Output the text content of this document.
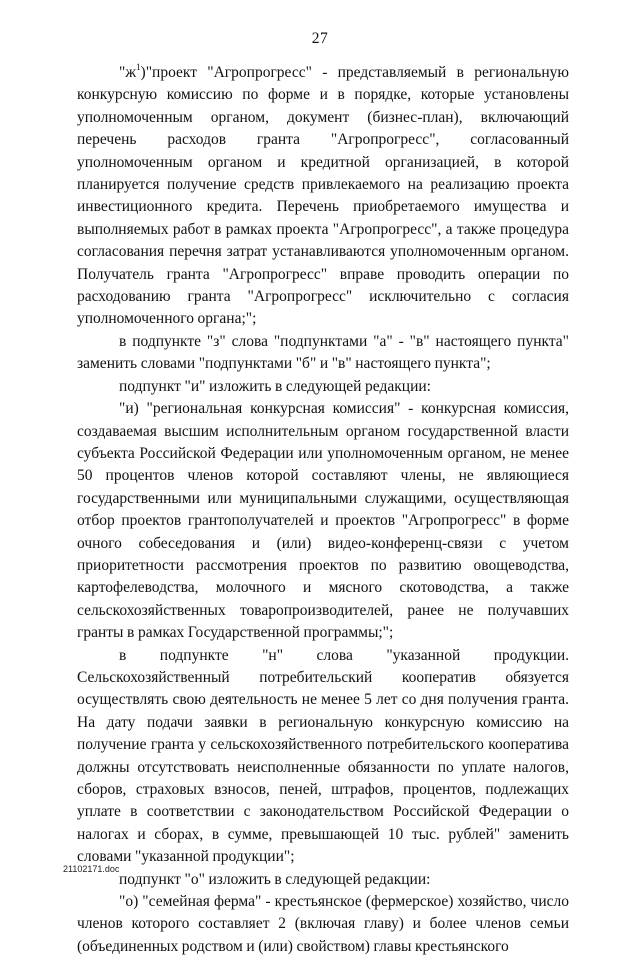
27

"$ж^1)"проект$ "Агропрогресс" - представляемый в региональную конкурсную комиссию по форме и в порядке, которые установлены уполномоченным органом, документ (бизнес-план), включающий перечень расходов гранта "Агропрогресс", согласованный уполномоченным органом и кредитной организацией, в которой планируется получение средств привлекаемого на реализацию проекта инвестиционного кредита. Перечень приобретаемого имущества и выполняемых работ в рамках проекта "Агропрогресс", а также процедура согласования перечня затрат устанавливаются уполномоченным органом. Получатель гранта "Агропрогресс" вправе проводить операции по расходованию гранта "Агропрогресс" исключительно с согласия уполномоченного органа;";

в подпункте "з" слова "подпунктами "а" - "в" настоящего пункта" заменить словами "подпунктами "б" и "в" настоящего пункта";

подпункт "и" изложить в следующей редакции:

"и) "региональная конкурсная комиссия" - конкурсная комиссия, создаваемая высшим исполнительным органом государственной власти субъекта Российской Федерации или уполномоченным органом, не менее 50 процентов членов которой составляют члены, не являющиеся государственными или муниципальными служащими, осуществляющая отбор проектов грантополучателей и проектов "Агропрогресс" в форме очного собеседования и (или) видео-конференц-связи с учетом приоритетности рассмотрения проектов по развитию овощеводства, картофелеводства, молочного и мясного скотоводства, а также сельскохозяйственных товаропроизводителей, ранее не получавших гранты в рамках Государственной программы;";

в подпункте "н" слова "указанной продукции. Сельскохозяйственный потребительский кооператив обязуется осуществлять свою деятельность не менее 5 лет со дня получения гранта. На дату подачи заявки в региональную конкурсную комиссию на получение гранта у сельскохозяйственного потребительского кооператива должны отсутствовать неисполненные обязанности по уплате налогов, сборов, страховых взносов, пеней, штрафов, процентов, подлежащих уплате в соответствии с законодательством Российской Федерации о налогах и сборах, в сумме, превышающей 10 тыс. рублей" заменить словами "указанной продукции";

подпункт "о" изложить в следующей редакции:

"о) "семейная ферма" - крестьянское (фермерское) хозяйство, число членов которого составляет 2 (включая главу) и более членов семьи (объединенных родством и (или) свойством) главы крестьянского

21102171.doc
